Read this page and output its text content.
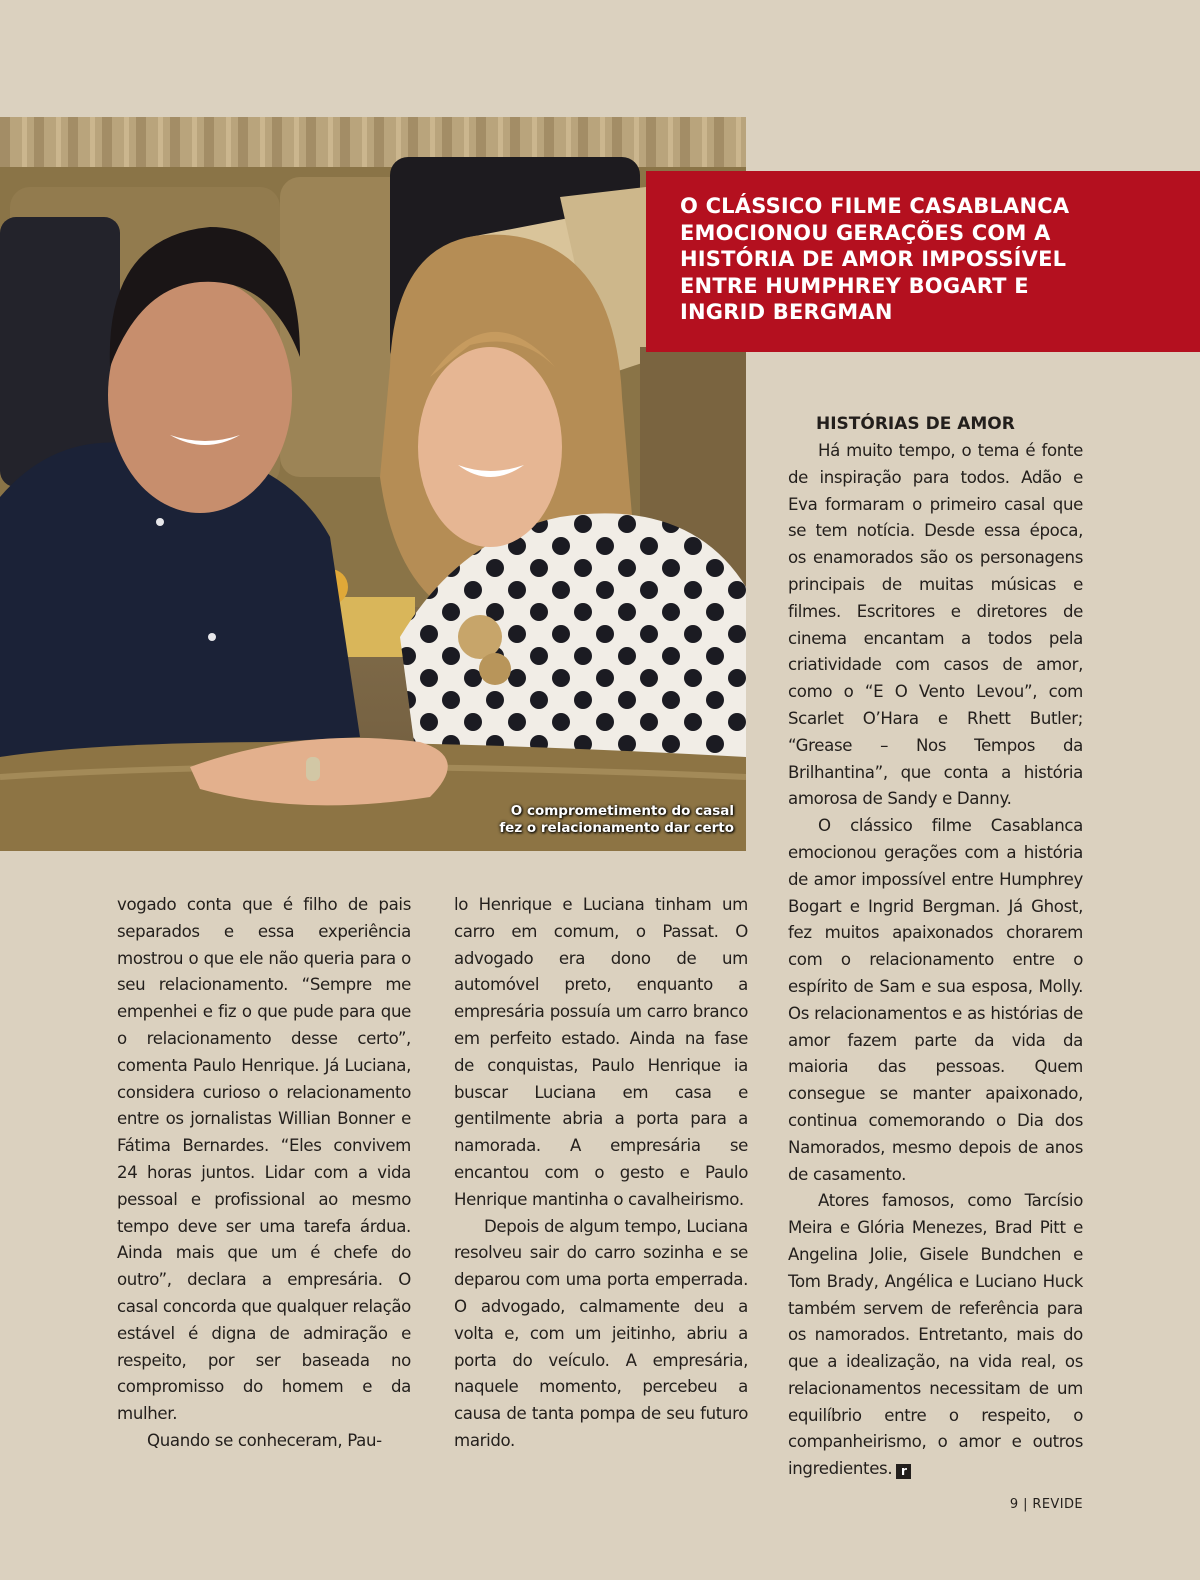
O comprometimento do casal
fez o relacionamento dar certo

O CLÁSSICO FILME CASABLANCA EMOCIONOU GERAÇÕES COM A HISTÓRIA DE AMOR IMPOSSÍVEL ENTRE HUMPHREY BOGART E INGRID BERGMAN

vogado conta que é filho de pais separados e essa experiência mostrou o que ele não queria para o seu relacionamento. “Sempre me empenhei e fiz o que pude para que o relacionamento desse certo”, comenta Paulo Henrique. Já Luciana, considera curioso o relacionamento entre os jornalistas Willian Bonner e Fátima Bernardes. “Eles convivem 24 horas juntos. Lidar com a vida pessoal e profissional ao mesmo tempo deve ser uma tarefa árdua. Ainda mais que um é chefe do outro”, declara a empresária. O casal concorda que qualquer relação estável é digna de admiração e respeito, por ser baseada no compromisso do homem e da mulher.

Quando se conheceram, Pau-

lo Henrique e Luciana tinham um carro em comum, o Passat. O advogado era dono de um automóvel preto, enquanto a empresária possuía um carro branco em perfeito estado. Ainda na fase de conquistas, Paulo Henrique ia buscar Luciana em casa e gentilmente abria a porta para a namorada. A empresária se encantou com o gesto e Paulo Henrique mantinha o cavalheirismo.

Depois de algum tempo, Luciana resolveu sair do carro sozinha e se deparou com uma porta emperrada. O advogado, calmamente deu a volta e, com um jeitinho, abriu a porta do veículo. A empresária, naquele momento, percebeu a causa de tanta pompa de seu futuro marido.

HISTÓRIAS DE AMOR

Há muito tempo, o tema é fonte de inspiração para todos. Adão e Eva formaram o primeiro casal que se tem notícia. Desde essa época, os enamorados são os personagens principais de muitas músicas e filmes. Escritores e diretores de cinema encantam a todos pela criatividade com casos de amor, como o “E O Vento Levou”, com Scarlet O’Hara e Rhett Butler; “Grease – Nos Tempos da Brilhantina”, que conta a história amorosa de Sandy e Danny.

O clássico filme Casablanca emocionou gerações com a história de amor impossível entre Humphrey Bogart e Ingrid Bergman. Já Ghost, fez muitos apaixonados chorarem com o relacionamento entre o espírito de Sam e sua esposa, Molly. Os relacionamentos e as histórias de amor fazem parte da vida da maioria das pessoas. Quem consegue se manter apaixonado, continua comemorando o Dia dos Namorados, mesmo depois de anos de casamento.

Atores famosos, como Tarcísio Meira e Glória Menezes, Brad Pitt e Angelina Jolie, Gisele Bundchen e Tom Brady, Angélica e Luciano Huck também servem de referência para os namorados. Entretanto, mais do que a idealização, na vida real, os relacionamentos necessitam de um equilíbrio entre o respeito, o companheirismo, o amor e outros ingredientes. r

9 | REVIDE
